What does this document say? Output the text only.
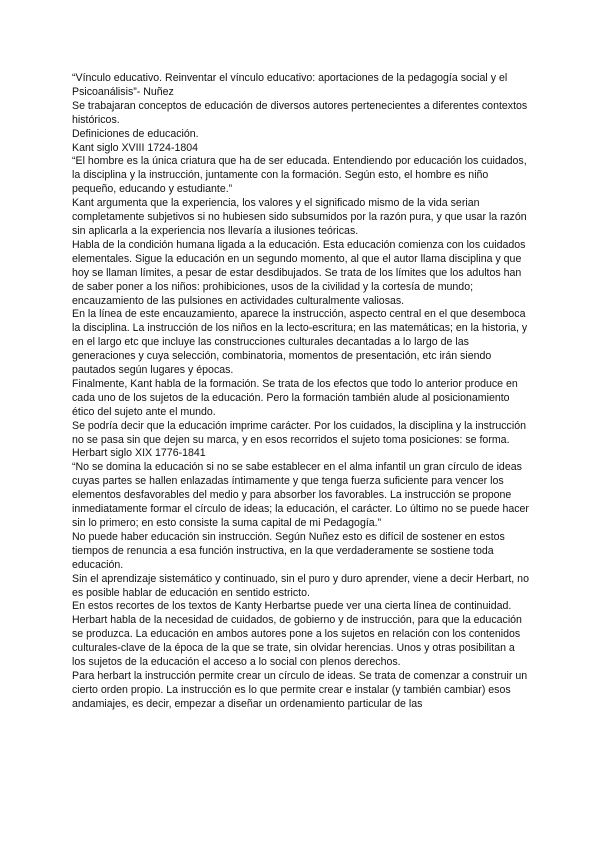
“Vínculo educativo. Reinventar el vínculo educativo: aportaciones de la pedagogía social y el Psicoanálisis”- Nuñez

Se trabajaran conceptos de educación de diversos autores pertenecientes a diferentes contextos históricos.

Definiciones de educación.

Kant siglo XVIII 1724-1804

“El hombre es la única criatura que ha de ser educada. Entendiendo por educación los cuidados, la disciplina y la instrucción, juntamente con la formación. Según esto, el hombre es niño pequeño, educando y estudiante.”

Kant argumenta que la experiencia, los valores y el significado mismo de la vida serian completamente subjetivos si no hubiesen sido subsumidos por la razón pura, y que usar la razón sin aplicarla a la experiencia nos llevaría a ilusiones teóricas.

Habla de la condición humana ligada a la educación. Esta educación comienza con los cuidados elementales. Sigue la educación en un segundo momento, al que el autor llama disciplina y que hoy se llaman límites, a pesar de estar desdibujados. Se trata de los límites que los adultos han de saber poner a los niños: prohibiciones, usos de la civilidad y la cortesía de mundo; encauzamiento de las pulsiones en actividades culturalmente valiosas.

En la línea de este encauzamiento, aparece la instrucción, aspecto central en el que desemboca la disciplina. La instrucción de los niños en la lecto-escritura; en las matemáticas; en la historia, y en el largo etc que incluye las construcciones culturales decantadas a lo largo de las generaciones y cuya selección, combinatoria, momentos de presentación, etc irán siendo pautados según lugares y épocas.

Finalmente, Kant habla de la formación. Se trata de los efectos que todo lo anterior produce en cada uno de los sujetos de la educación. Pero la formación también alude al posicionamiento ético del sujeto ante el mundo.

Se podría decir que la educación imprime carácter. Por los cuidados, la disciplina y la instrucción no se pasa sin que dejen su marca, y en esos recorridos el sujeto toma posiciones: se forma.

Herbart siglo XIX 1776-1841

“No se domina la educación si no se sabe establecer en el alma infantil un gran círculo de ideas cuyas partes se hallen enlazadas íntimamente y que tenga fuerza suficiente para vencer los elementos desfavorables del medio y para absorber los favorables. La instrucción se propone inmediatamente formar el círculo de ideas; la educación, el carácter. Lo último no se puede hacer sin lo primero; en esto consiste la suma capital de mi Pedagogía.”

No puede haber educación sin instrucción. Según Nuñez esto es difícil de sostener en estos tiempos de renuncia a esa función instructiva, en la que verdaderamente se sostiene toda educación.

Sin el aprendizaje sistemático y continuado, sin el puro y duro aprender, viene a decir Herbart, no es posible hablar de educación en sentido estricto.

En estos recortes de los textos de Kanty Herbartse puede ver una cierta línea de continuidad. Herbart habla de la necesidad de cuidados, de gobierno y de instrucción, para que la educación se produzca. La educación en ambos autores pone a los sujetos en relación con los contenidos culturales-clave de la época de la que se trate, sin olvidar herencias. Unos y otras posibilitan a los sujetos de la educación el acceso a lo social con plenos derechos.

Para herbart la instrucción permite crear un círculo de ideas. Se trata de comenzar a construir un cierto orden propio. La instrucción es lo que permite crear e instalar (y también cambiar) esos andamiajes, es decir, empezar a diseñar un ordenamiento particular de las
